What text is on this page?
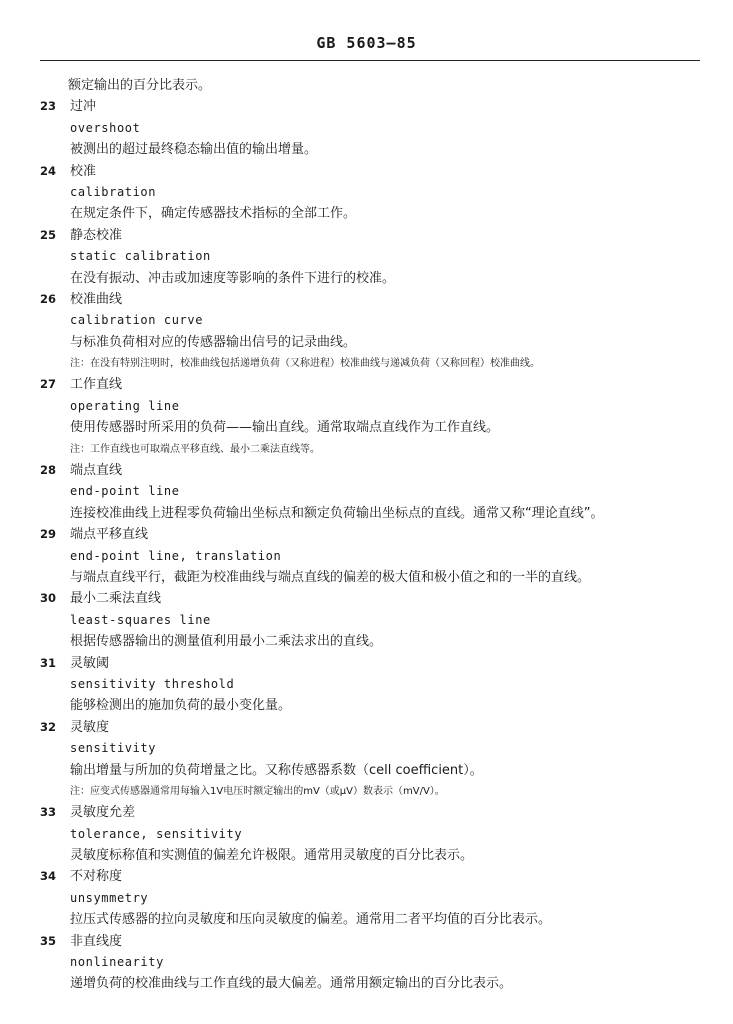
GB 5603—85
额定输出的百分比表示。
23 过冲
overshoot
被测出的超过最终稳态输出值的输出增量。
24 校准
calibration
在规定条件下，确定传感器技术指标的全部工作。
25 静态校准
static calibration
在没有振动、冲击或加速度等影响的条件下进行的校准。
26 校准曲线
calibration curve
与标准负荷相对应的传感器输出信号的记录曲线。
注：在没有特别注明时，校准曲线包括递增负荷（又称进程）校准曲线与递减负荷（又称回程）校准曲线。
27 工作直线
operating line
使用传感器时所采用的负荷——输出直线。通常取端点直线作为工作直线。
注：工作直线也可取端点平移直线、最小二乘法直线等。
28 端点直线
end-point line
连接校准曲线上进程零负荷输出坐标点和额定负荷输出坐标点的直线。通常又称“理论直线”。
29 端点平移直线
end-point line, translation
与端点直线平行，截距为校准曲线与端点直线的偏差的极大值和极小值之和的一半的直线。
30 最小二乘法直线
least-squares line
根据传感器输出的测量值利用最小二乘法求出的直线。
31 灵敏阈
sensitivity threshold
能够检测出的施加负荷的最小变化量。
32 灵敏度
sensitivity
输出增量与所加的负荷增量之比。又称传感器系数（cell coefficient）。
注：应变式传感器通常用每输入1V电压时额定输出的mV（或μV）数表示（mV/V）。
33 灵敏度允差
tolerance, sensitivity
灵敏度标称值和实测值的偏差允许极限。通常用灵敏度的百分比表示。
34 不对称度
unsymmetry
拉压式传感器的拉向灵敏度和压向灵敏度的偏差。通常用二者平均值的百分比表示。
35 非直线度
nonlinearity
递增负荷的校准曲线与工作直线的最大偏差。通常用额定输出的百分比表示。
